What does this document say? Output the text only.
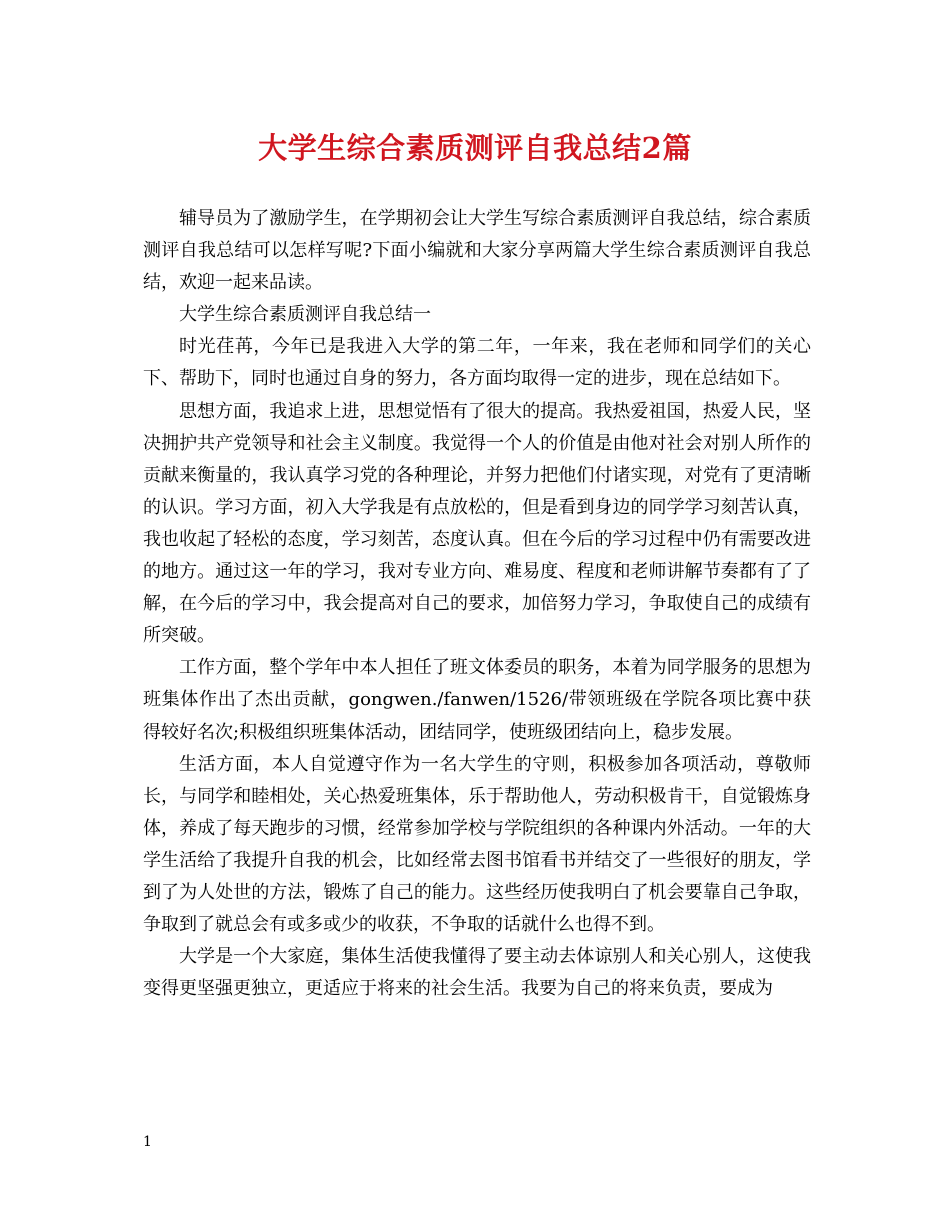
大学生综合素质测评自我总结2篇

辅导员为了激励学生，在学期初会让大学生写综合素质测评自我总结，综合素质测评自我总结可以怎样写呢?下面小编就和大家分享两篇大学生综合素质测评自我总结，欢迎一起来品读。

大学生综合素质测评自我总结一

时光荏苒，今年已是我进入大学的第二年，一年来，我在老师和同学们的关心下、帮助下，同时也通过自身的努力，各方面均取得一定的进步，现在总结如下。

思想方面，我追求上进，思想觉悟有了很大的提高。我热爱祖国，热爱人民，坚决拥护共产党领导和社会主义制度。我觉得一个人的价值是由他对社会对别人所作的贡献来衡量的，我认真学习党的各种理论，并努力把他们付诸实现，对党有了更清晰的认识。学习方面，初入大学我是有点放松的，但是看到身边的同学学习刻苦认真，我也收起了轻松的态度，学习刻苦，态度认真。但在今后的学习过程中仍有需要改进的地方。通过这一年的学习，我对专业方向、难易度、程度和老师讲解节奏都有了了解，在今后的学习中，我会提高对自己的要求，加倍努力学习，争取使自己的成绩有所突破。

工作方面，整个学年中本人担任了班文体委员的职务，本着为同学服务的思想为班集体作出了杰出贡献，gongwen./fanwen/1526/带领班级在学院各项比赛中获得较好名次;积极组织班集体活动，团结同学，使班级团结向上，稳步发展。

生活方面，本人自觉遵守作为一名大学生的守则，积极参加各项活动，尊敬师长，与同学和睦相处，关心热爱班集体，乐于帮助他人，劳动积极肯干，自觉锻炼身体，养成了每天跑步的习惯，经常参加学校与学院组织的各种课内外活动。一年的大学生活给了我提升自我的机会，比如经常去图书馆看书并结交了一些很好的朋友，学到了为人处世的方法，锻炼了自己的能力。这些经历使我明白了机会要靠自己争取，争取到了就总会有或多或少的收获，不争取的话就什么也得不到。

大学是一个大家庭，集体生活使我懂得了要主动去体谅别人和关心别人，这使我变得更坚强更独立，更适应于将来的社会生活。我要为自己的将来负责，要成为

1
